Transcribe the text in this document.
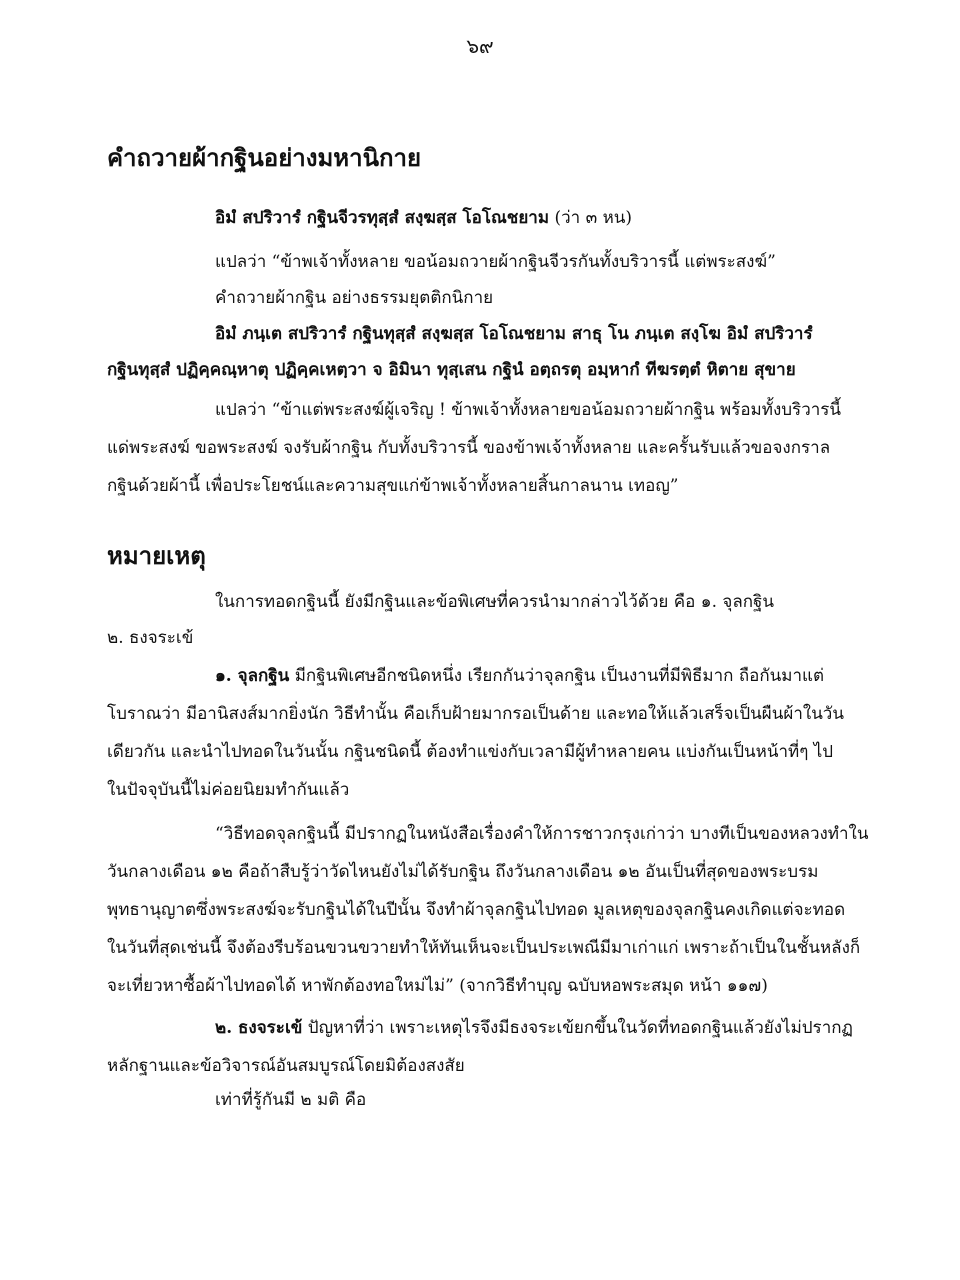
๖๙
คำถวายผ้ากฐินอย่างมหานิกาย
อิมํ สปริวารํ กฐินจีวรทุสฺสํ สงฺฆสฺส โอโณชยาม (ว่า ๓ หน)
แปลว่า “ข้าพเจ้าทั้งหลาย ขอน้อมถวายผ้ากฐินจีวรกันทั้งบริวารนี้ แต่พระสงฆ์”
คำถวายผ้ากฐิน อย่างธรรมยุตติกนิกาย
อิมํ ภนฺเต สปริวารํ กฐินทุสฺสํ สงฺฆสฺส โอโณชยาม สาธุ โน ภนฺเต สงฺโฆ อิมํ สปริวารํ
กฐินทุสฺสํ ปฏิคฺคณฺหาตุ ปฏิคฺคเหตฺวา จ อิมินา ทุสฺเสน กฐินํ อตฺถรตุ อมฺหากํ ทีฆรตฺตํ หิตาย สุขาย
แปลว่า “ข้าแต่พระสงฆ์ผู้เจริญ ! ข้าพเจ้าทั้งหลายขอน้อมถวายผ้ากฐิน พร้อมทั้งบริวารนี้
แด่พระสงฆ์ ขอพระสงฆ์ จงรับผ้ากฐิน กับทั้งบริวารนี้ ของข้าพเจ้าทั้งหลาย และครั้นรับแล้วขอจงกราล
กฐินด้วยผ้านี้ เพื่อประโยชน์และความสุขแก่ข้าพเจ้าทั้งหลายสิ้นกาลนาน เทอญ”
หมายเหตุ
ในการทอดกฐินนี้ ยังมีกฐินและข้อพิเศษที่ควรนำมากล่าวไว้ด้วย คือ ๑. จุลกฐิน
๒. ธงจระเข้
๑. จุลกฐิน มีกฐินพิเศษอีกชนิดหนึ่ง เรียกกันว่าจุลกฐิน เป็นงานที่มีพิธีมาก ถือกันมาแต่
โบราณว่า มีอานิสงส์มากยิ่งนัก วิธีทำนั้น คือเก็บฝ้ายมากรอเป็นด้าย และทอให้แล้วเสร็จเป็นผืนผ้าในวัน
เดียวกัน และนำไปทอดในวันนั้น กฐินชนิดนี้ ต้องทำแข่งกับเวลามีผู้ทำหลายคน แบ่งกันเป็นหน้าที่ๆ ไป
ในปัจจุบันนี้ไม่ค่อยนิยมทำกันแล้ว
“วิธีทอดจุลกฐินนี้ มีปรากฏในหนังสือเรื่องคำให้การชาวกรุงเก่าว่า บางทีเป็นของหลวงทำใน
วันกลางเดือน ๑๒ คือถ้าสืบรู้ว่าวัดไหนยังไม่ได้รับกฐิน ถึงวันกลางเดือน ๑๒ อันเป็นที่สุดของพระบรม
พุทธานุญาตซึ่งพระสงฆ์จะรับกฐินได้ในปีนั้น จึงทำผ้าจุลกฐินไปทอด มูลเหตุของจุลกฐินคงเกิดแต่จะทอด
ในวันที่สุดเช่นนี้ จึงต้องรีบร้อนขวนขวายทำให้ทันเห็นจะเป็นประเพณีมีมาเก่าแก่ เพราะถ้าเป็นในชั้นหลังก็
จะเที่ยวหาซื้อผ้าไปทอดได้ หาพักต้องทอใหม่ไม่” (จากวิธีทำบุญ ฉบับหอพระสมุด หน้า ๑๑๗)
๒. ธงจระเข้ ปัญหาที่ว่า เพราะเหตุไรจึงมีธงจระเข้ยกขึ้นในวัดที่ทอดกฐินแล้วยังไม่ปรากฏ
หลักฐานและข้อวิจารณ์อันสมบูรณ์โดยมิต้องสงสัย
เท่าที่รู้กันมี ๒ มติ คือ
